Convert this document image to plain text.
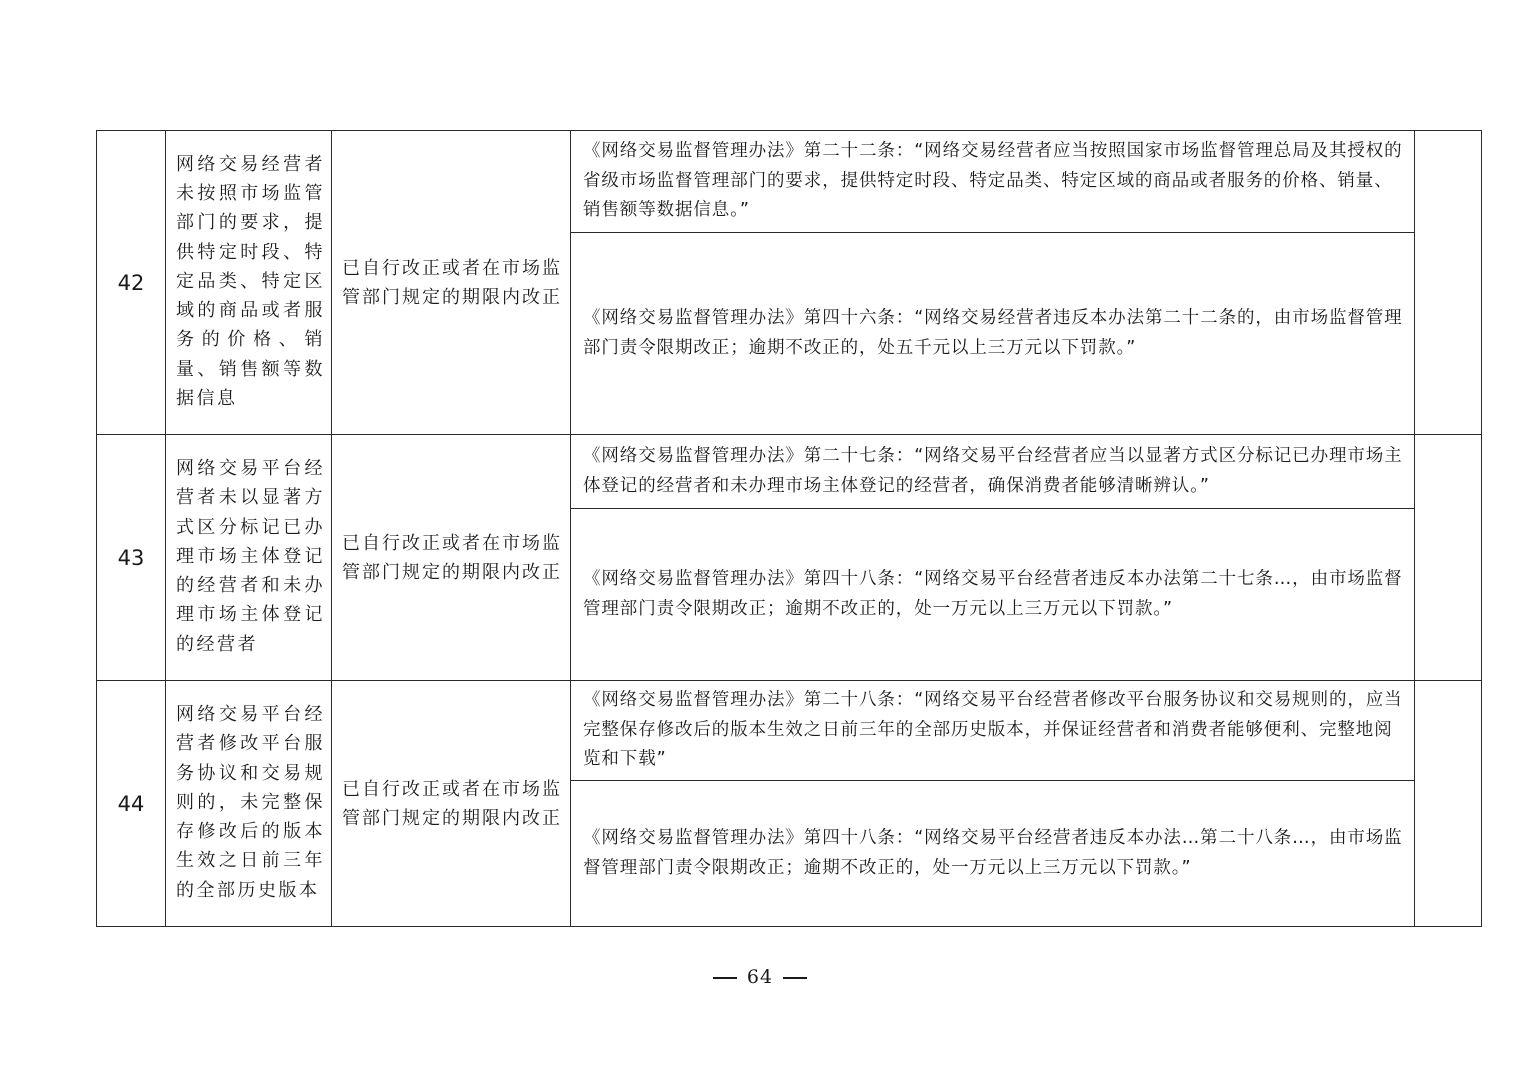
42	网络交易经营者未按照市场监管部门的要求，提供特定时段、特定品类、特定区域的商品或者服务的价格、销量、销售额等数据信息	已自行改正或者在市场监管部门规定的期限内改正	《网络交易监督管理办法》第二十二条：“网络交易经营者应当按照国家市场监督管理总局及其授权的省级市场监督管理部门的要求，提供特定时段、特定品类、特定区域的商品或者服务的价格、销量、销售额等数据信息。”	
			《网络交易监督管理办法》第四十六条：“网络交易经营者违反本办法第二十二条的，由市场监督管理部门责令限期改正；逾期不改正的，处五千元以上三万元以下罚款。”	
43	网络交易平台经营者未以显著方式区分标记已办理市场主体登记的经营者和未办理市场主体登记的经营者	已自行改正或者在市场监管部门规定的期限内改正	《网络交易监督管理办法》第二十七条：“网络交易平台经营者应当以显著方式区分标记已办理市场主体登记的经营者和未办理市场主体登记的经营者，确保消费者能够清晰辨认。”	
			《网络交易监督管理办法》第四十八条：“网络交易平台经营者违反本办法第二十七条…，由市场监督管理部门责令限期改正；逾期不改正的，处一万元以上三万元以下罚款。”	
44	网络交易平台经营者修改平台服务协议和交易规则的，未完整保存修改后的版本生效之日前三年的全部历史版本	已自行改正或者在市场监管部门规定的期限内改正	《网络交易监督管理办法》第二十八条：“网络交易平台经营者修改平台服务协议和交易规则的，应当完整保存修改后的版本生效之日前三年的全部历史版本，并保证经营者和消费者能够便利、完整地阅览和下载”	
			《网络交易监督管理办法》第四十八条：“网络交易平台经营者违反本办法…第二十八条…，由市场监督管理部门责令限期改正；逾期不改正的，处一万元以上三万元以下罚款。”	
64
